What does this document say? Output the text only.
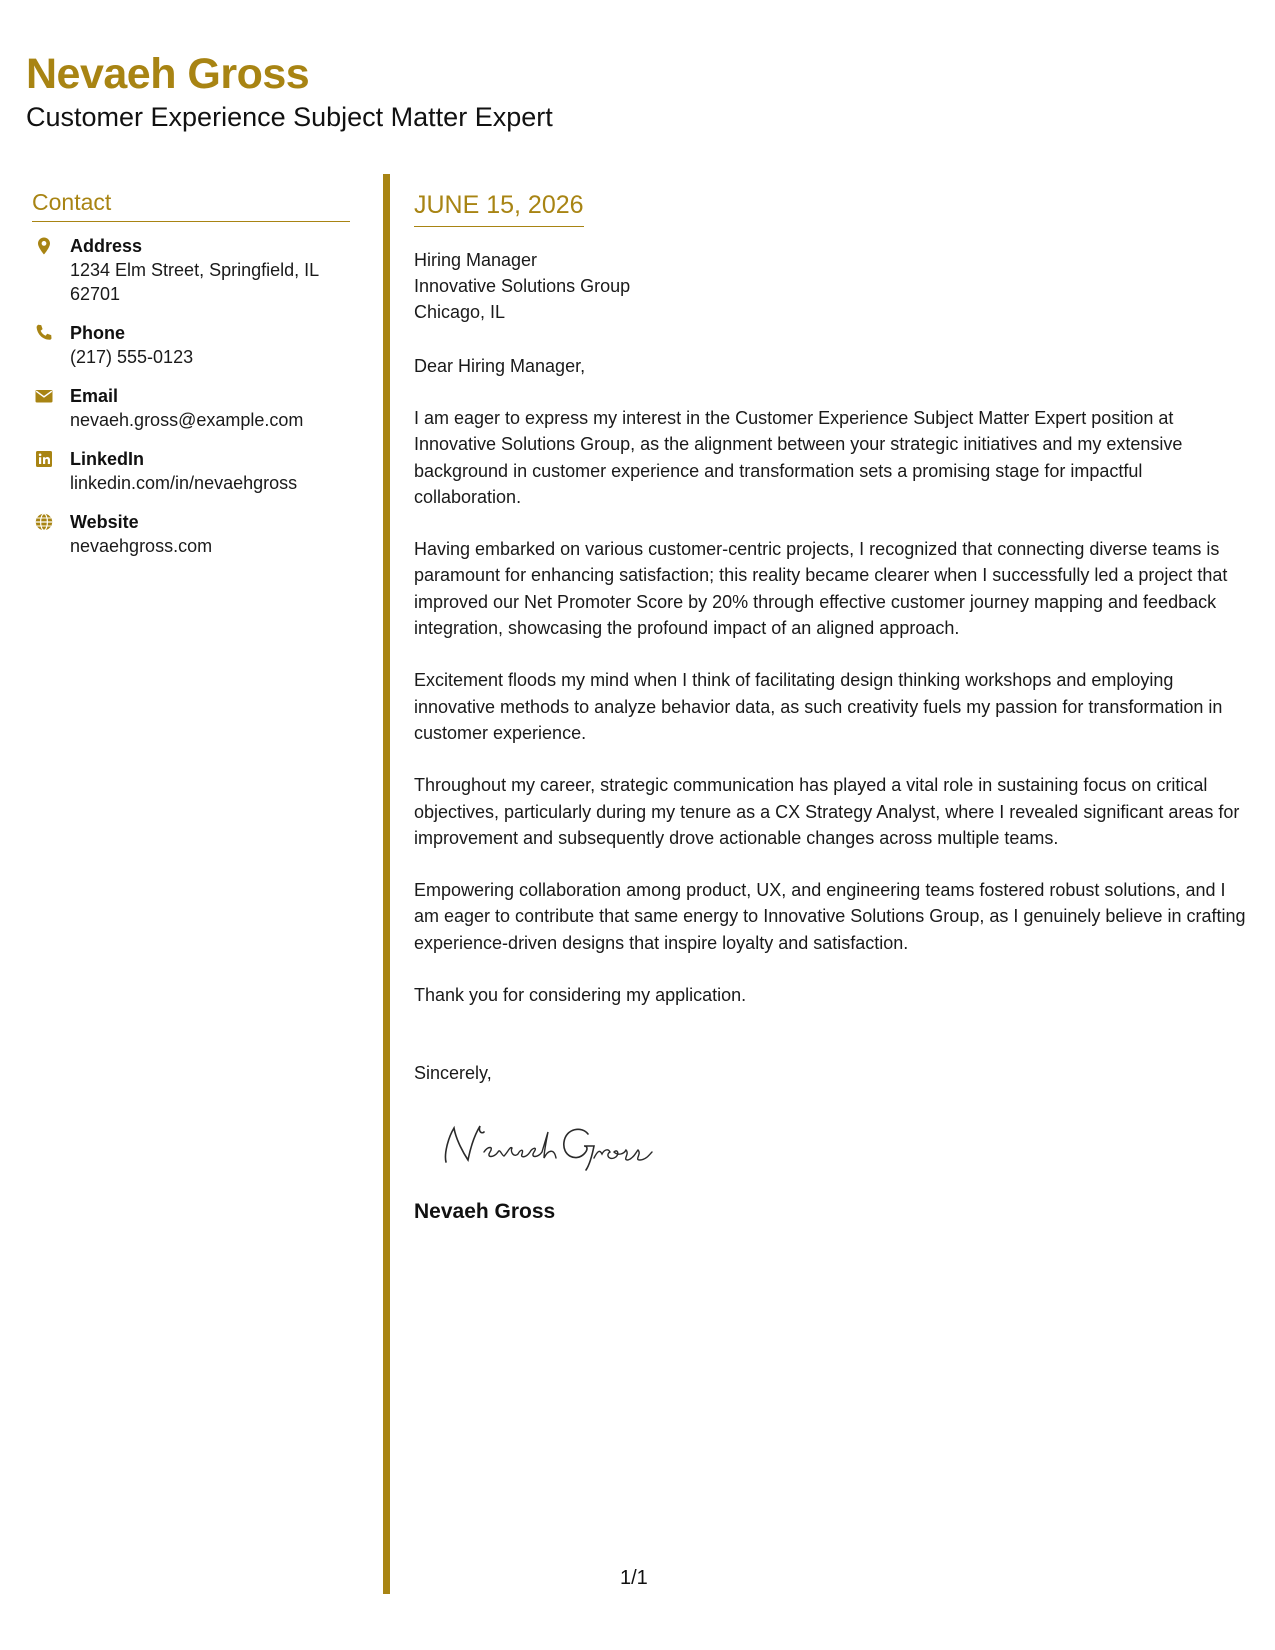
Nevaeh Gross

Customer Experience Subject Matter Expert

Contact
Address
1234 Elm Street, Springfield, IL 62701
Phone
(217) 555-0123
Email
nevaeh.gross@example.com
LinkedIn
linkedin.com/in/nevaehgross
Website
nevaehgross.com
JUNE 15, 2026
Hiring Manager
Innovative Solutions Group
Chicago, IL
Dear Hiring Manager,
I am eager to express my interest in the Customer Experience Subject Matter Expert position at Innovative Solutions Group, as the alignment between your strategic initiatives and my extensive background in customer experience and transformation sets a promising stage for impactful collaboration.
Having embarked on various customer-centric projects, I recognized that connecting diverse teams is paramount for enhancing satisfaction; this reality became clearer when I successfully led a project that improved our Net Promoter Score by 20% through effective customer journey mapping and feedback integration, showcasing the profound impact of an aligned approach.
Excitement floods my mind when I think of facilitating design thinking workshops and employing innovative methods to analyze behavior data, as such creativity fuels my passion for transformation in customer experience.
Throughout my career, strategic communication has played a vital role in sustaining focus on critical objectives, particularly during my tenure as a CX Strategy Analyst, where I revealed significant areas for improvement and subsequently drove actionable changes across multiple teams.
Empowering collaboration among product, UX, and engineering teams fostered robust solutions, and I am eager to contribute that same energy to Innovative Solutions Group, as I genuinely believe in crafting experience-driven designs that inspire loyalty and satisfaction.
Thank you for considering my application.
Sincerely,
Nevaeh Gross
1/1
